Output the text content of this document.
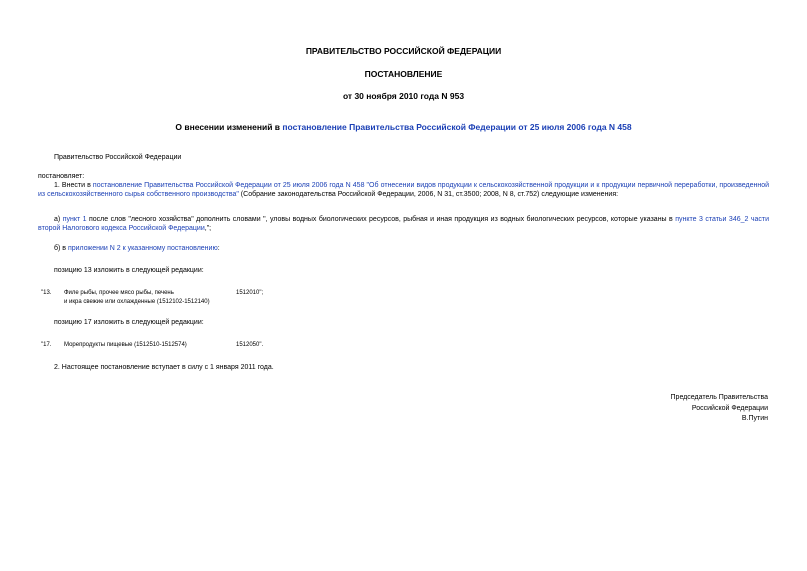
ПРАВИТЕЛЬСТВО РОССИЙСКОЙ ФЕДЕРАЦИИ
ПОСТАНОВЛЕНИЕ
от 30 ноября 2010 года N 953
О внесении изменений в постановление Правительства Российской Федерации от 25 июля 2006 года N 458
Правительство Российской Федерации
постановляет:
1. Внести в постановление Правительства Российской Федерации от 25 июля 2006 года N 458 "Об отнесении видов продукции к сельскохозяйственной продукции и к продукции первичной переработки, произведенной из сельскохозяйственного сырья собственного производства" (Собрание законодательства Российской Федерации, 2006, N 31, ст.3500; 2008, N 8, ст.752) следующие изменения:
а) пункт 1 после слов "лесного хозяйства" дополнить словами ", уловы водных биологических ресурсов, рыбная и иная продукция из водных биологических ресурсов, которые указаны в пункте 3 статьи 346_2 части второй Налогового кодекса Российской Федерации,";
б) в приложении N 2 к указанному постановлению:
позицию 13 изложить в следующей редакции:
"13. Филе рыбы, прочее мясо рыбы, печень
и икра свежие или охлажденные (1512102-1512140)
1512010";
позицию 17 изложить в следующей редакции:
"17. Морепродукты пищевые (1512510-1512574)	1512050".
2. Настоящее постановление вступает в силу с 1 января 2011 года.
Председатель Правительства
Российской Федерации
В.Путин
